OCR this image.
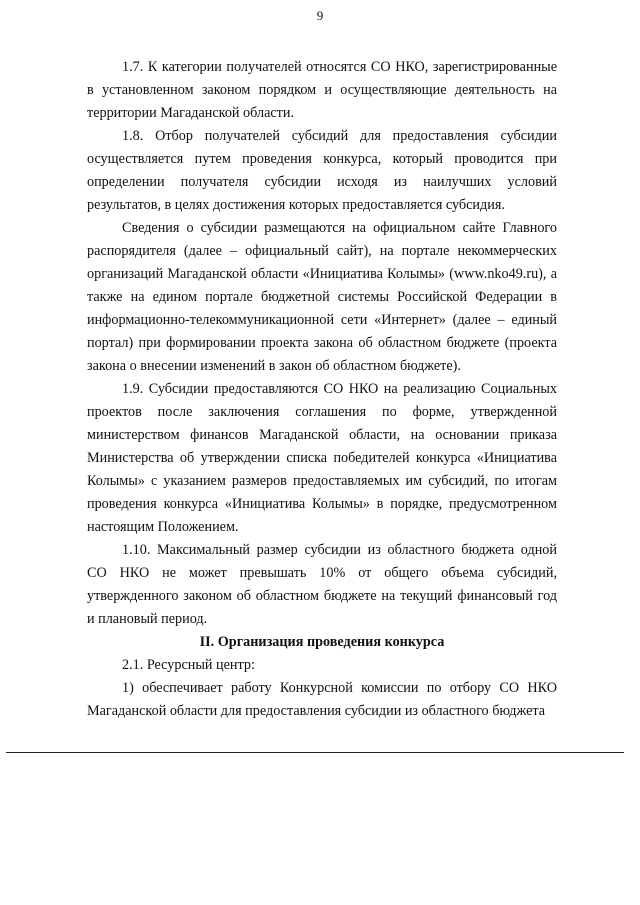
9

1.7. К категории получателей относятся СО НКО, зарегистрированные в установленном законом порядком и осуществляющие деятельность на территории Магаданской области.

1.8. Отбор получателей субсидий для предоставления субсидии осуществляется путем проведения конкурса, который проводится при определении получателя субсидии исходя из наилучших условий результатов, в целях достижения которых предоставляется субсидия.

Сведения о субсидии размещаются на официальном сайте Главного распорядителя (далее – официальный сайт), на портале некоммерческих организаций Магаданской области «Инициатива Колымы» (www.nko49.ru), а также на едином портале бюджетной системы Российской Федерации в информационно-телекоммуникационной сети «Интернет» (далее – единый портал) при формировании проекта закона об областном бюджете (проекта закона о внесении изменений в закон об областном бюджете).

1.9. Субсидии предоставляются СО НКО на реализацию Социальных проектов после заключения соглашения по форме, утвержденной министерством финансов Магаданской области, на основании приказа Министерства об утверждении списка победителей конкурса «Инициатива Колымы» с указанием размеров предоставляемых им субсидий, по итогам проведения конкурса «Инициатива Колымы» в порядке, предусмотренном настоящим Положением.

1.10. Максимальный размер субсидии из областного бюджета одной СО НКО не может превышать 10% от общего объема субсидий, утвержденного законом об областном бюджете на текущий финансовый год и плановый период.

II. Организация проведения конкурса

2.1. Ресурсный центр:

1) обеспечивает работу Конкурсной комиссии по отбору СО НКО Магаданской области для предоставления субсидии из областного бюджета
